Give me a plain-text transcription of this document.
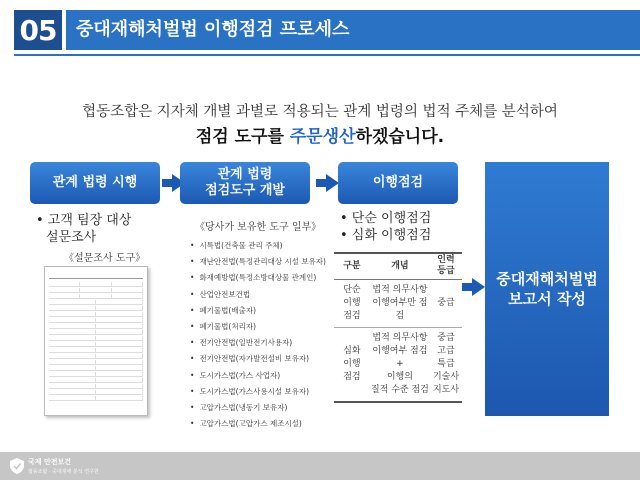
05	중대재해처벌법 이행점검 프로세스
협동조합은 지자체 개별 과별로 적용되는 관계 법령의 법적 주체를 분석하여
점검 도구를 주문생산하겠습니다.
관계 법령 시행
관계 법령
점검도구 개발
이행점검
• 고객 팀장 대상
설문조사
《설문조사 도구》
《당사가 보유한 도구 일부》
• 시특법(건축물 관리 주체)
• 재난안전법(특정관리대상 시설 보유자)
• 화재예방법(특정소방대상물 관계인)
• 산업안전보건법
• 폐기물법(배출자)
• 폐기물법(처리자)
• 전기안전법(일반전기사용자)
• 전기안전법(자가발전설비 보유자)
• 도시가스법(가스 사업자)
• 도시가스법(가스사용시설 보유자)
• 고압가스법(냉동기 보유자)
• 고압가스법(고압가스 제조시설)
• 단순 이행점검
• 심화 이행점검
구분	개념	인력
등급
단순
이행
점검	법적 의무사항
이행여부만 점검	중급
심화
이행
점검	법적 의무사항
이행여부 점검
+
이행의
질적 수준 점검	중급
고급
특급
기술사
지도사
중대재해처벌법
보고서 작성
국제 안전보건
협동조합 · 중대재해 분석 연구원
